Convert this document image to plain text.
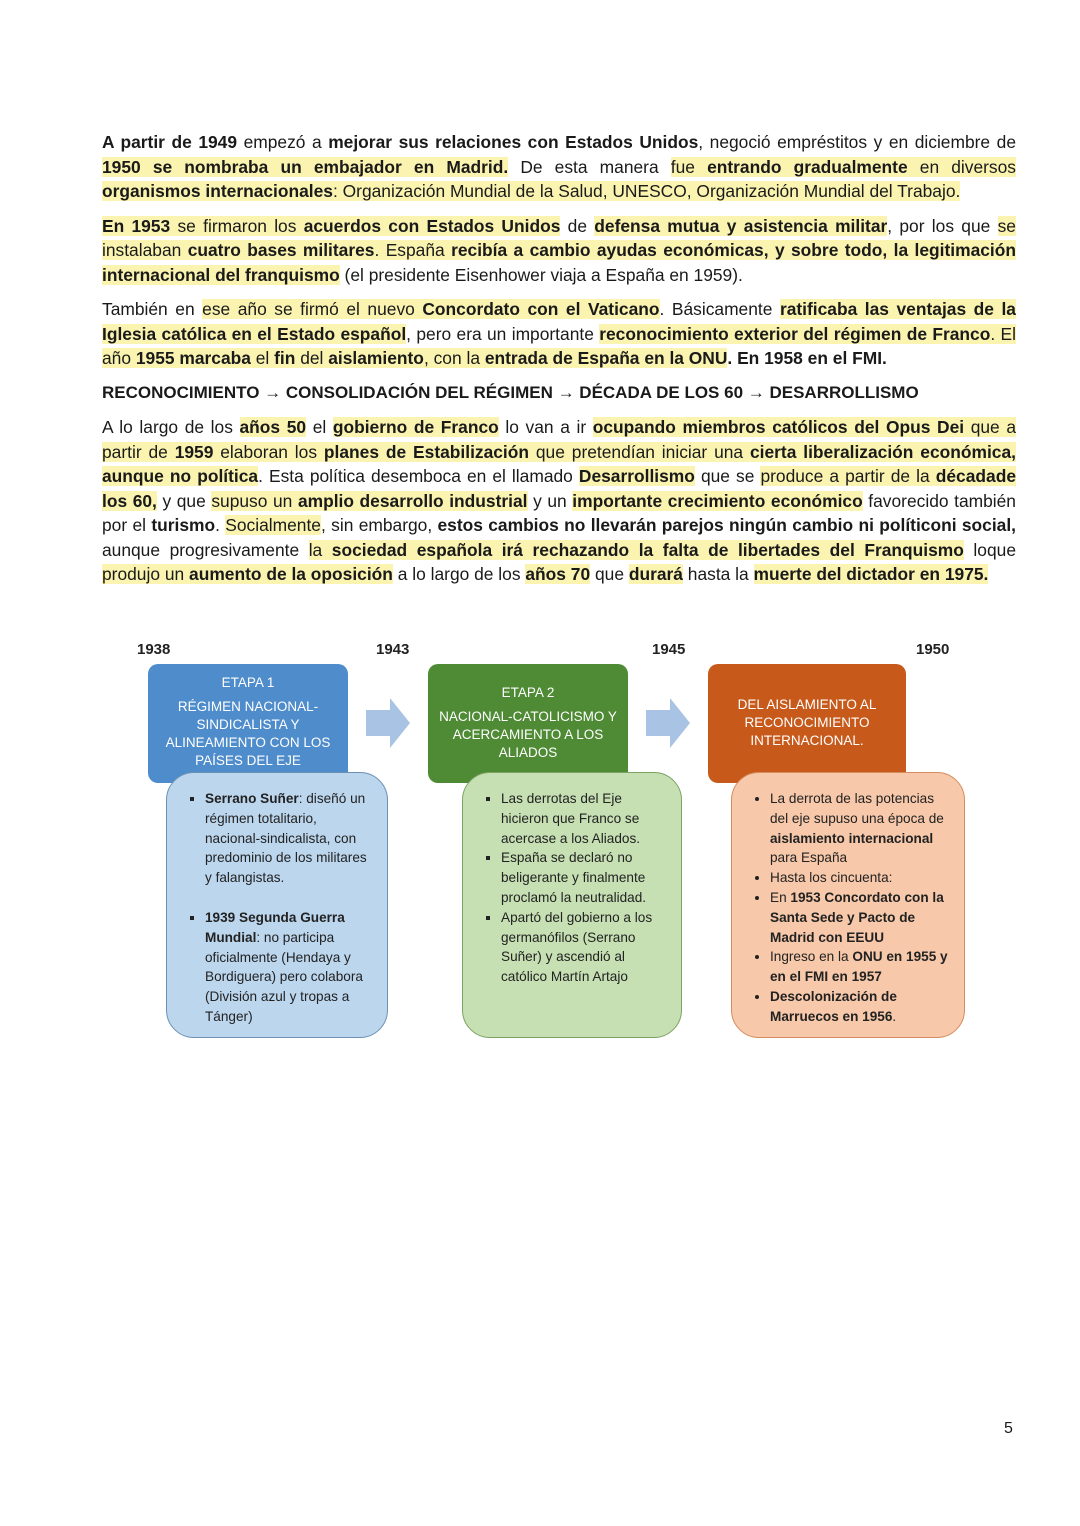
A partir de 1949 empezó a mejorar sus relaciones con Estados Unidos, negoció empréstitos y en diciembre de 1950 se nombraba un embajador en Madrid. De esta manera fue entrando gradualmente en diversos organismos internacionales: Organización Mundial de la Salud, UNESCO, Organización Mundial del Trabajo.

En 1953 se firmaron los acuerdos con Estados Unidos de defensa mutua y asistencia militar, por los que se instalaban cuatro bases militares. España recibía a cambio ayudas económicas, y sobre todo, la legitimación internacional del franquismo (el presidente Eisenhower viaja a España en 1959).

También en ese año se firmó el nuevo Concordato con el Vaticano. Básicamente ratificaba las ventajas de la Iglesia católica en el Estado español, pero era un importante reconocimiento exterior del régimen de Franco. El año 1955 marcaba el fin del aislamiento, con la entrada de España en la ONU. En 1958 en el FMI.

RECONOCIMIENTO → CONSOLIDACIÓN DEL RÉGIMEN → DÉCADA DE LOS 60 → DESARROLLISMO

A lo largo de los años 50 el gobierno de Franco lo van a ir ocupando miembros católicos del Opus Dei que a partir de 1959 elaboran los planes de Estabilización que pretendían iniciar una cierta liberalización económica, aunque no política. Esta política desemboca en el llamado Desarrollismo que se produce a partir de la décadade los 60, y que supuso un amplio desarrollo industrial y un importante crecimiento económico favorecido también por el turismo. Socialmente, sin embargo, estos cambios no llevarán parejos ningún cambio ni políticoni social, aunque progresivamente la sociedad española irá rechazando la falta de libertades del Franquismo loque produjo un aumento de la oposición a lo largo de los años 70 que durará hasta la muerte del dictador en 1975.

1938	1943	1945	1950
ETAPA 1
RÉGIMEN NACIONAL-SINDICALISTA Y ALINEAMIENTO CON LOS PAÍSES DEL EJE
ETAPA 2
NACIONAL-CATOLICISMO Y ACERCAMIENTO A LOS ALIADOS
DEL AISLAMIENTO AL RECONOCIMIENTO INTERNACIONAL.
▪ Serrano Suñer: diseñó un régimen totalitario, nacional-sindicalista, con predominio de los militares y falangistas.
▪ 1939 Segunda Guerra Mundial: no participa oficialmente (Hendaya y Bordiguera) pero colabora (División azul y tropas a Tánger)
▪ Las derrotas del Eje hicieron que Franco se acercase a los Aliados.
▪ España se declaró no beligerante y finalmente proclamó la neutralidad.
▪ Apartó del gobierno a los germanófilos (Serrano Suñer) y ascendió al católico Martín Artajo
• La derrota de las potencias del eje supuso una época de aislamiento internacional para España
• Hasta los cincuenta:
• En 1953 Concordato con la Santa Sede y Pacto de Madrid con EEUU
• Ingreso en la ONU en 1955 y en el FMI en 1957
• Descolonización de Marruecos en 1956.
5
